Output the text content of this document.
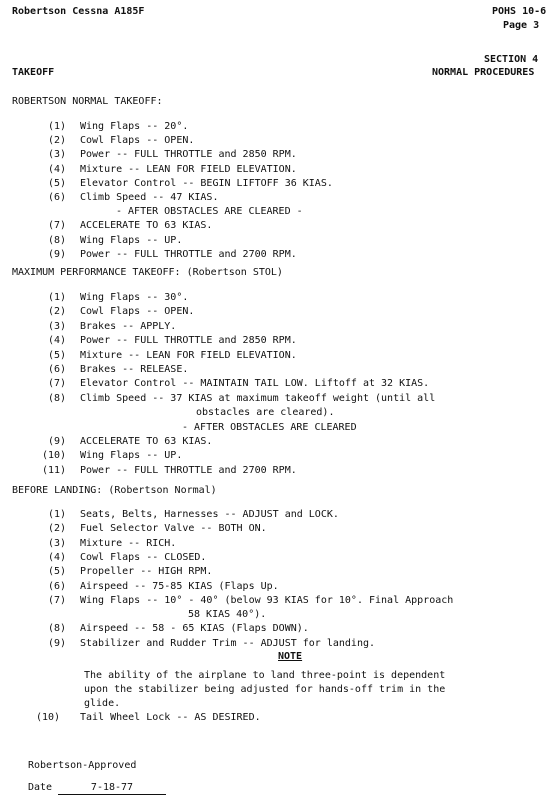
Robertson Cessna A185F	POHS 10-6
Page 3
SECTION 4
NORMAL PROCEDURES
TAKEOFF
ROBERTSON NORMAL TAKEOFF:
(1) Wing Flaps -- 20°.
(2) Cowl Flaps -- OPEN.
(3) Power -- FULL THROTTLE and 2850 RPM.
(4) Mixture -- LEAN FOR FIELD ELEVATION.
(5) Elevator Control -- BEGIN LIFTOFF 36 KIAS.
(6) Climb Speed -- 47 KIAS.
- AFTER OBSTACLES ARE CLEARED -
(7) ACCELERATE TO 63 KIAS.
(8) Wing Flaps -- UP.
(9) Power -- FULL THROTTLE and 2700 RPM.
MAXIMUM PERFORMANCE TAKEOFF: (Robertson STOL)
(1) Wing Flaps -- 30°.
(2) Cowl Flaps -- OPEN.
(3) Brakes -- APPLY.
(4) Power -- FULL THROTTLE and 2850 RPM.
(5) Mixture -- LEAN FOR FIELD ELEVATION.
(6) Brakes -- RELEASE.
(7) Elevator Control -- MAINTAIN TAIL LOW. Liftoff at 32 KIAS.
(8) Climb Speed -- 37 KIAS at maximum takeoff weight (until all
obstacles are cleared).
- AFTER OBSTACLES ARE CLEARED
(9) ACCELERATE TO 63 KIAS.
(10) Wing Flaps -- UP.
(11) Power -- FULL THROTTLE and 2700 RPM.
BEFORE LANDING: (Robertson Normal)
(1) Seats, Belts, Harnesses -- ADJUST and LOCK.
(2) Fuel Selector Valve -- BOTH ON.
(3) Mixture -- RICH.
(4) Cowl Flaps -- CLOSED.
(5) Propeller -- HIGH RPM.
(6) Airspeed -- 75-85 KIAS (Flaps Up.
(7) Wing Flaps -- 10° - 40° (below 93 KIAS for 10°. Final Approach
58 KIAS 40°).
(8) Airspeed -- 58 - 65 KIAS (Flaps DOWN).
(9) Stabilizer and Rudder Trim -- ADJUST for landing.
NOTE
The ability of the airplane to land three-point is dependent
upon the stabilizer being adjusted for hands-off trim in the
glide.
(10) Tail Wheel Lock -- AS DESIRED.
Robertson-Approved
Date	7-18-77
